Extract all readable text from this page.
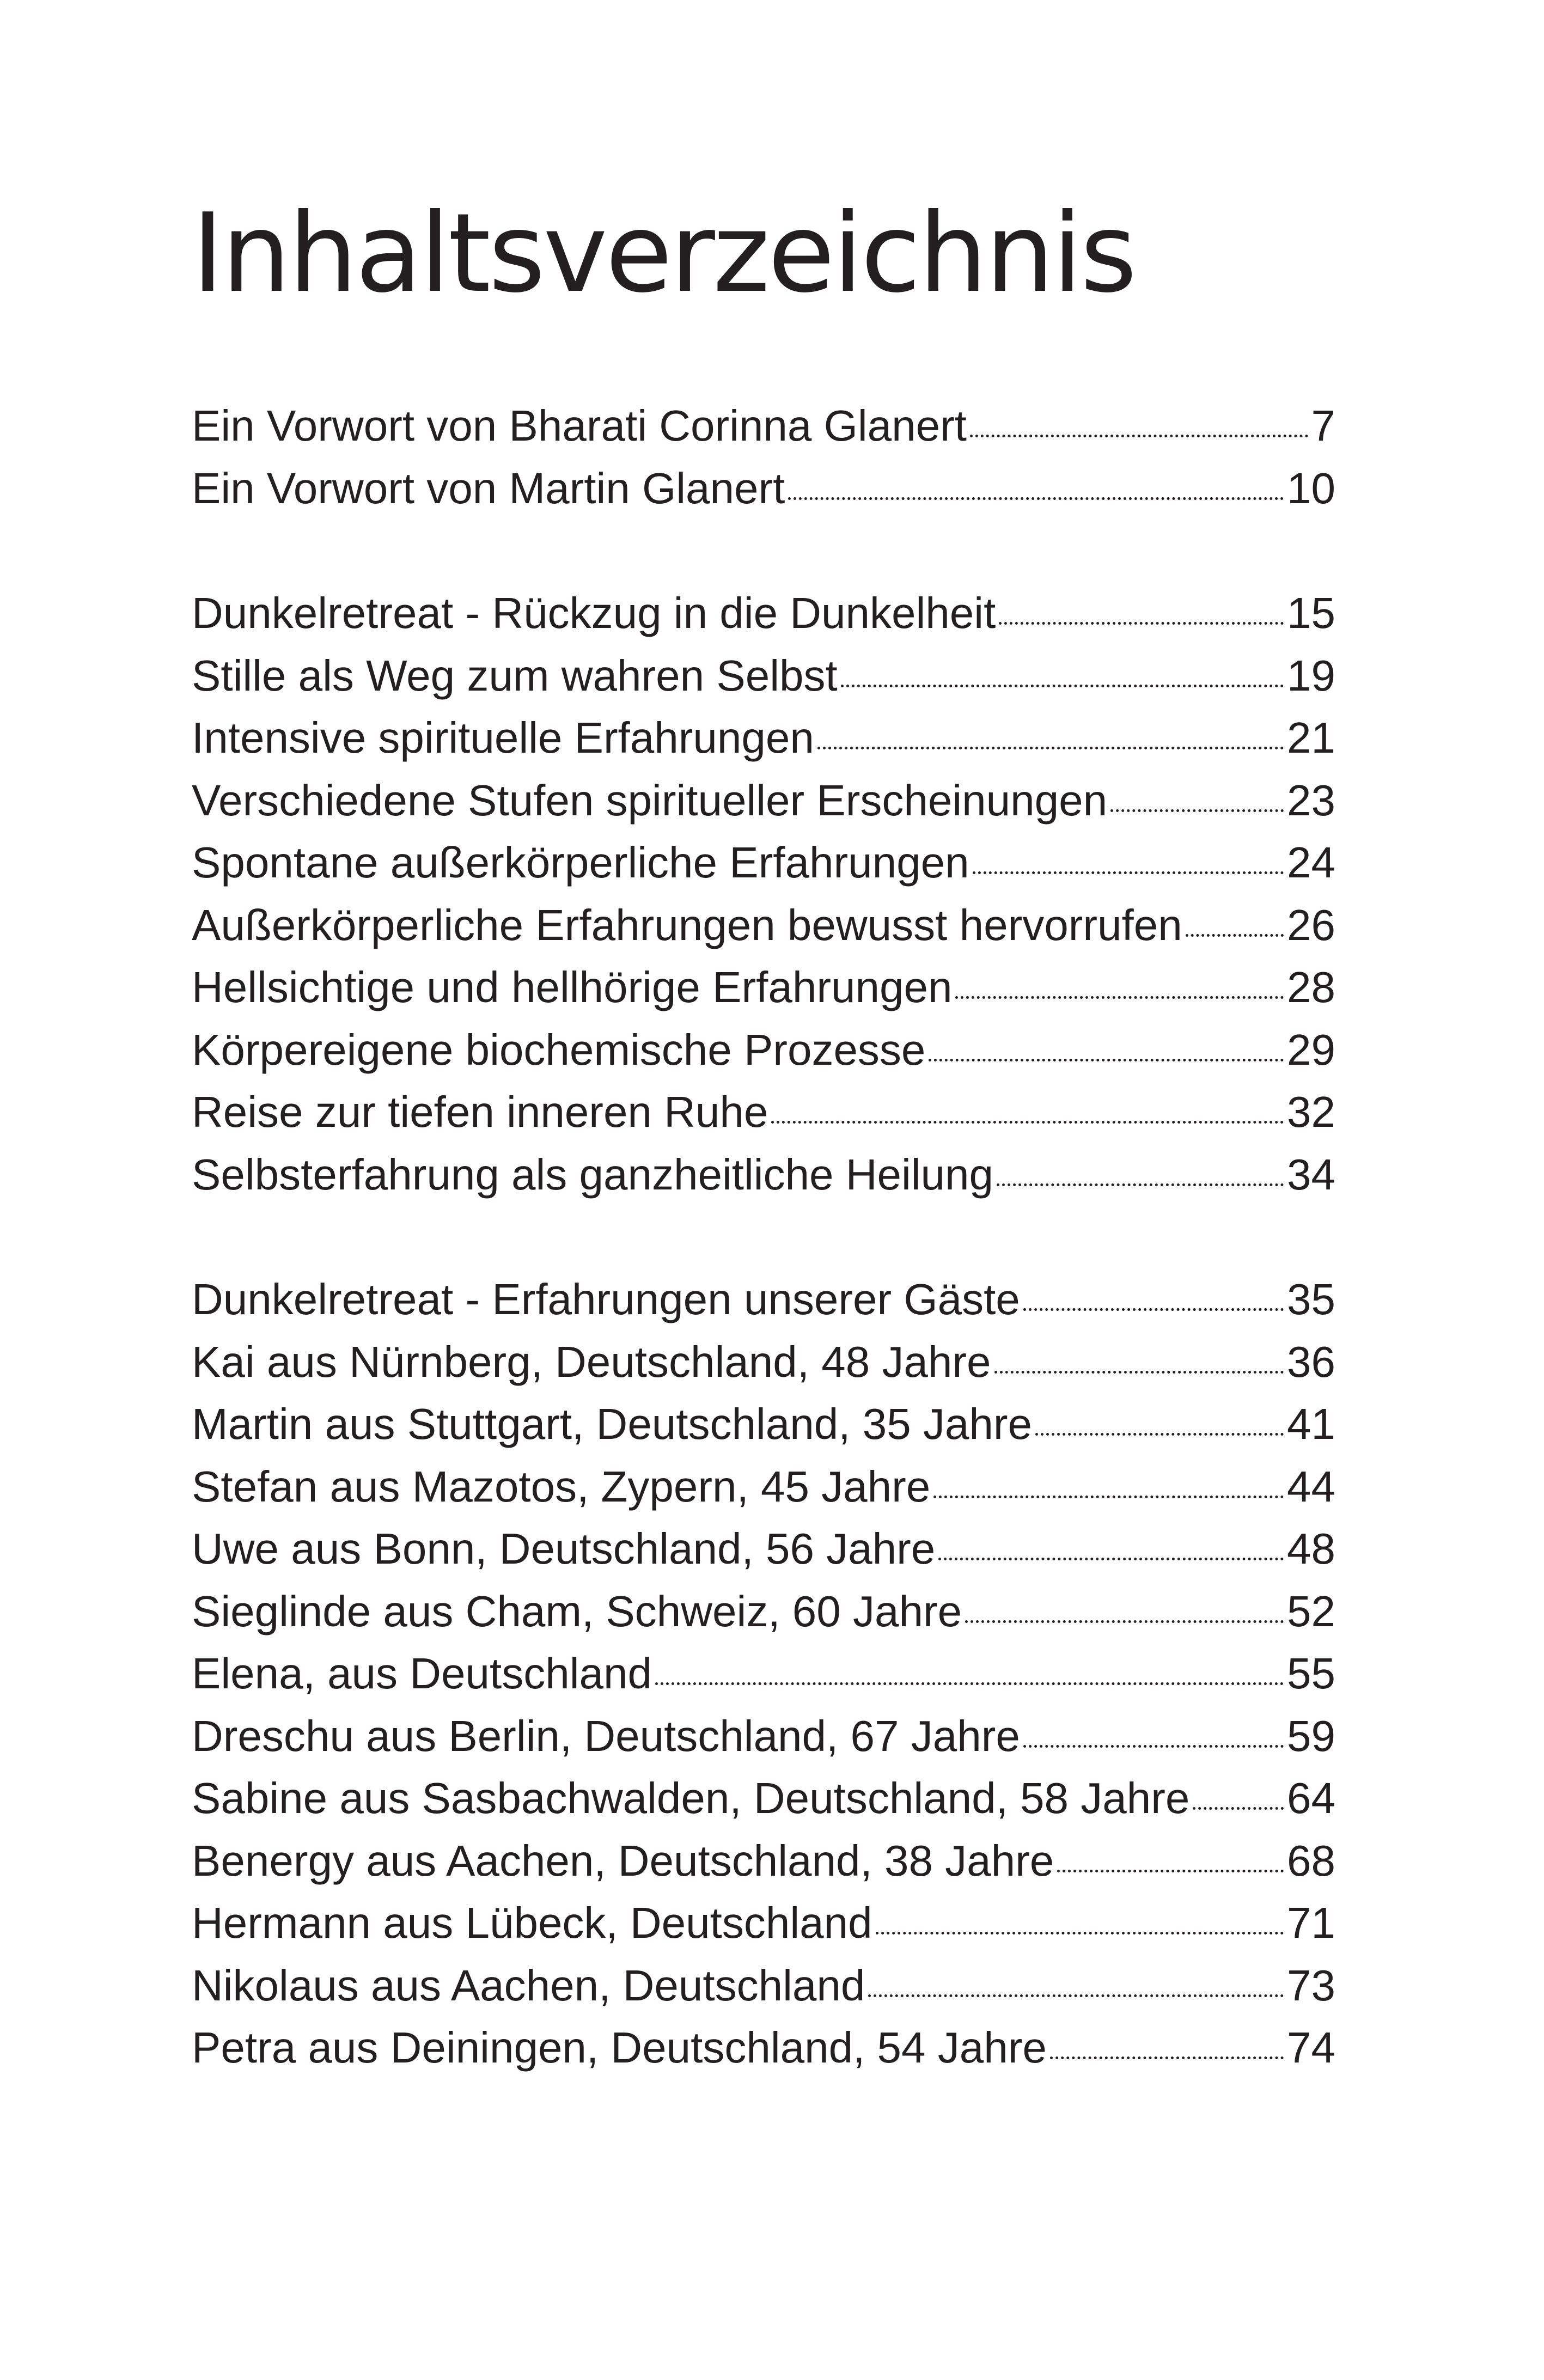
Inhaltsverzeichnis
Ein Vorwort von Bharati Corinna Glanert	7
Ein Vorwort von Martin Glanert	10
Dunkelretreat - Rückzug in die Dunkelheit	15
Stille als Weg zum wahren Selbst	19
Intensive spirituelle Erfahrungen	21
Verschiedene Stufen spiritueller Erscheinungen	23
Spontane außerkörperliche Erfahrungen	24
Außerkörperliche Erfahrungen bewusst hervorrufen 26
Hellsichtige und hellhörige Erfahrungen	28
Körpereigene biochemische Prozesse	29
Reise zur tiefen inneren Ruhe	32
Selbsterfahrung als ganzheitliche Heilung	34
Dunkelretreat - Erfahrungen unserer Gäste	35
Kai aus Nürnberg, Deutschland, 48 Jahre	36
Martin aus Stuttgart, Deutschland, 35 Jahre	41
Stefan aus Mazotos, Zypern, 45 Jahre	44
Uwe aus Bonn, Deutschland, 56 Jahre	48
Sieglinde aus Cham, Schweiz, 60 Jahre	52
Elena, aus Deutschland	55
Dreschu aus Berlin, Deutschland, 67 Jahre	59
Sabine aus Sasbachwalden, Deutschland, 58 Jahre 64
Benergy aus Aachen, Deutschland, 38 Jahre	68
Hermann aus Lübeck, Deutschland	71
Nikolaus aus Aachen, Deutschland	73
Petra aus Deiningen, Deutschland, 54 Jahre	74
